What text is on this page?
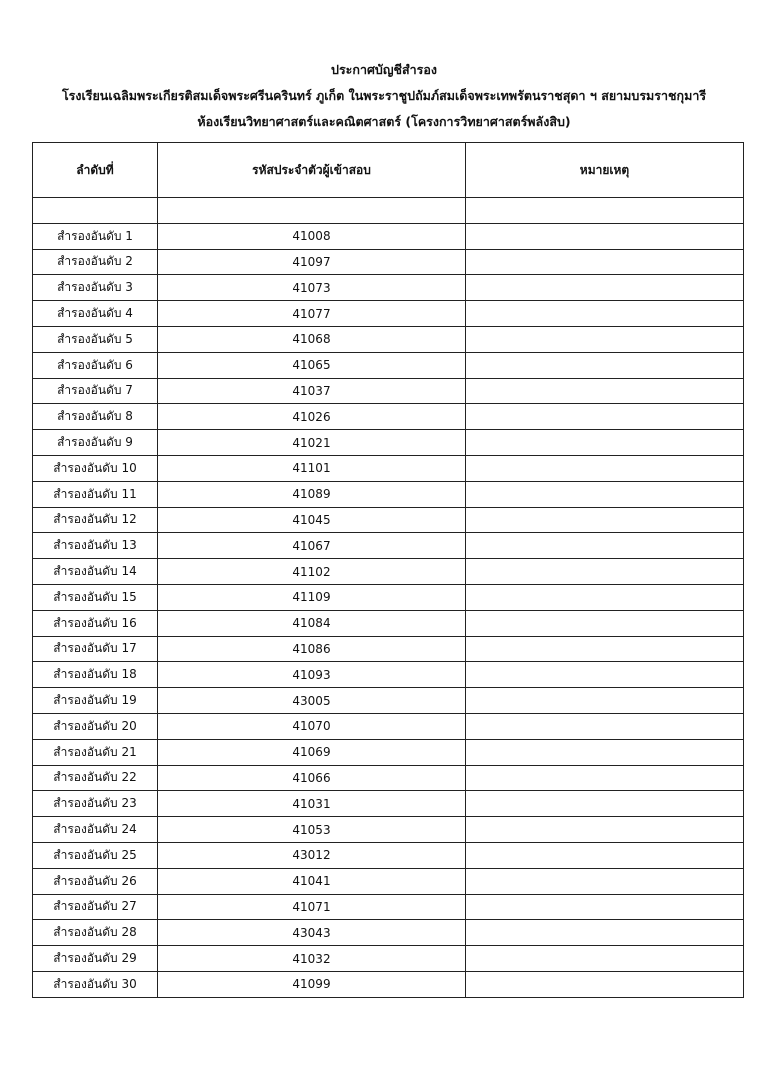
ประกาศบัญชีสำรอง
โรงเรียนเฉลิมพระเกียรติสมเด็จพระศรีนครินทร์ ภูเก็ต ในพระราชูปถัมภ์สมเด็จพระเทพรัตนราชสุดา ฯ สยามบรมราชกุมารี
ห้องเรียนวิทยาศาสตร์และคณิตศาสตร์ (โครงการวิทยาศาสตร์พลังสิบ)
ลำดับที่	รหัสประจำตัวผู้เข้าสอบ	หมายเหตุ

สำรองอันดับ 1	41008	
สำรองอันดับ 2	41097	
สำรองอันดับ 3	41073	
สำรองอันดับ 4	41077	
สำรองอันดับ 5	41068	
สำรองอันดับ 6	41065	
สำรองอันดับ 7	41037	
สำรองอันดับ 8	41026	
สำรองอันดับ 9	41021	
สำรองอันดับ 10	41101	
สำรองอันดับ 11	41089	
สำรองอันดับ 12	41045	
สำรองอันดับ 13	41067	
สำรองอันดับ 14	41102	
สำรองอันดับ 15	41109	
สำรองอันดับ 16	41084	
สำรองอันดับ 17	41086	
สำรองอันดับ 18	41093	
สำรองอันดับ 19	43005	
สำรองอันดับ 20	41070	
สำรองอันดับ 21	41069	
สำรองอันดับ 22	41066	
สำรองอันดับ 23	41031	
สำรองอันดับ 24	41053	
สำรองอันดับ 25	43012	
สำรองอันดับ 26	41041	
สำรองอันดับ 27	41071	
สำรองอันดับ 28	43043	
สำรองอันดับ 29	41032	
สำรองอันดับ 30	41099	
